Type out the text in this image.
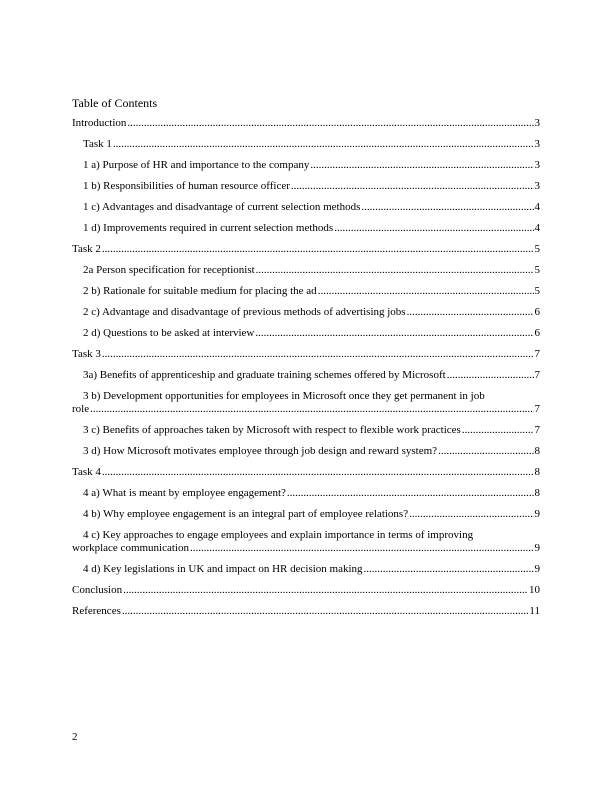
Table of Contents
Introduction .....	3
Task 1 .....	3
1 a) Purpose of HR and importance to the company .....	3
1 b) Responsibilities of human resource officer .....	3
1 c) Advantages and disadvantage of current selection methods .....	4
1 d) Improvements required in current selection methods .....	4
Task 2 .....	5
2a Person specification for receptionist .....	5
2 b) Rationale for suitable medium for placing the ad .....	5
2 c) Advantage and disadvantage of previous methods of advertising jobs .....	6
2 d) Questions to be asked at interview .....	6
Task 3 .....	7
3a) Benefits of apprenticeship and graduate training schemes offered by Microsoft .....	7
3 b) Development opportunities for employees in Microsoft once they get permanent in job
role .....	7
3 c) Benefits of approaches taken by Microsoft with respect to flexible work practices .....	7
3 d) How Microsoft motivates employee through job design and reward system? .....	8
Task 4 .....	8
4 a) What is meant by employee engagement? .....	8
4 b) Why employee engagement is an integral part of employee relations? .....	9
4 c) Key approaches to engage employees and explain importance in terms of improving
workplace communication .....	9
4 d) Key legislations in UK and impact on HR decision making .....	9
Conclusion .....	10
References .....	11
2
